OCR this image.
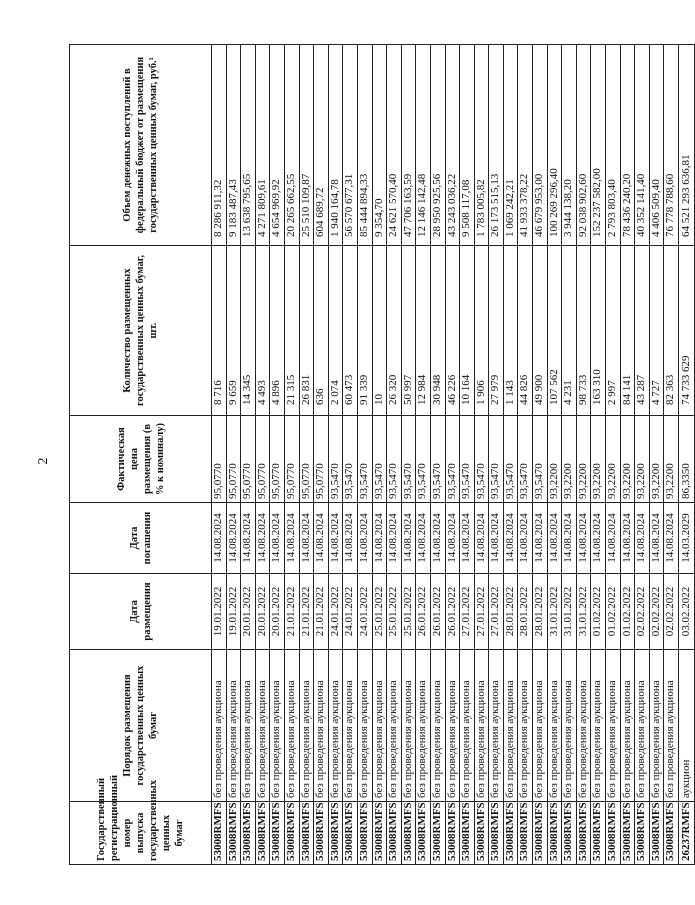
2
Государственный регистрационный номер выпуска государственных ценных бумаг	Порядок размещения государственных ценных бумаг	Дата размещения	Дата погашения	Фактическая цена размещения (в % к номиналу)	Количество размещенных государственных ценных бумаг, шт.	Объем денежных поступлений в федеральный бюджет от размещения государственных ценных бумаг, руб.¹
53008RMFS	без проведения аукциона	19.01.2022	14.08.2024	95,0770	8 716	8 286 911,32
53008RMFS	без проведения аукциона	19.01.2022	14.08.2024	95,0770	9 659	9 183 487,43
53008RMFS	без проведения аукциона	20.01.2022	14.08.2024	95,0770	14 345	13 638 795,65
53008RMFS	без проведения аукциона	20.01.2022	14.08.2024	95,0770	4 493	4 271 809,61
53008RMFS	без проведения аукциона	20.01.2022	14.08.2024	95,0770	4 896	4 654 969,92
53008RMFS	без проведения аукциона	21.01.2022	14.08.2024	95,0770	21 315	20 265 662,55
53008RMFS	без проведения аукциона	21.01.2022	14.08.2024	95,0770	26 831	25 510 109,87
53008RMFS	без проведения аукциона	21.01.2022	14.08.2024	95,0770	636	604 689,72
53008RMFS	без проведения аукциона	24.01.2022	14.08.2024	93,5470	2 074	1 940 164,78
53008RMFS	без проведения аукциона	24.01.2022	14.08.2024	93,5470	60 473	56 570 677,31
53008RMFS	без проведения аукциона	24.01.2022	14.08.2024	93,5470	91 339	85 444 894,33
53008RMFS	без проведения аукциона	25.01.2022	14.08.2024	93,5470	10	9 354,70
53008RMFS	без проведения аукциона	25.01.2022	14.08.2024	93,5470	26 320	24 621 570,40
53008RMFS	без проведения аукциона	25.01.2022	14.08.2024	93,5470	50 997	47 706 163,59
53008RMFS	без проведения аукциона	26.01.2022	14.08.2024	93,5470	12 984	12 146 142,48
53008RMFS	без проведения аукциона	26.01.2022	14.08.2024	93,5470	30 948	28 950 925,56
53008RMFS	без проведения аукциона	26.01.2022	14.08.2024	93,5470	46 226	43 243 036,22
53008RMFS	без проведения аукциона	27.01.2022	14.08.2024	93,5470	10 164	9 508 117,08
53008RMFS	без проведения аукциона	27.01.2022	14.08.2024	93,5470	1 906	1 783 005,82
53008RMFS	без проведения аукциона	27.01.2022	14.08.2024	93,5470	27 979	26 173 515,13
53008RMFS	без проведения аукциона	28.01.2022	14.08.2024	93,5470	1 143	1 069 242,21
53008RMFS	без проведения аукциона	28.01.2022	14.08.2024	93,5470	44 826	41 933 378,22
53008RMFS	без проведения аукциона	28.01.2022	14.08.2024	93,5470	49 900	46 679 953,00
53008RMFS	без проведения аукциона	31.01.2022	14.08.2024	93,2200	107 562	100 269 296,40
53008RMFS	без проведения аукциона	31.01.2022	14.08.2024	93,2200	4 231	3 944 138,20
53008RMFS	без проведения аукциона	31.01.2022	14.08.2024	93,2200	98 733	92 038 902,60
53008RMFS	без проведения аукциона	01.02.2022	14.08.2024	93,2200	163 310	152 237 582,00
53008RMFS	без проведения аукциона	01.02.2022	14.08.2024	93,2200	2 997	2 793 803,40
53008RMFS	без проведения аукциона	01.02.2022	14.08.2024	93,2200	84 141	78 436 240,20
53008RMFS	без проведения аукциона	02.02.2022	14.08.2024	93,2200	43 287	40 352 141,40
53008RMFS	без проведения аукциона	02.02.2022	14.08.2024	93,2200	4 727	4 406 509,40
53008RMFS	без проведения аукциона	02.02.2022	14.08.2024	93,2200	82 363	76 778 788,60
26237RMFS	аукцион	03.02.2022	14.03.2029	86,3350	74 733 629	64 521 293 636,81
